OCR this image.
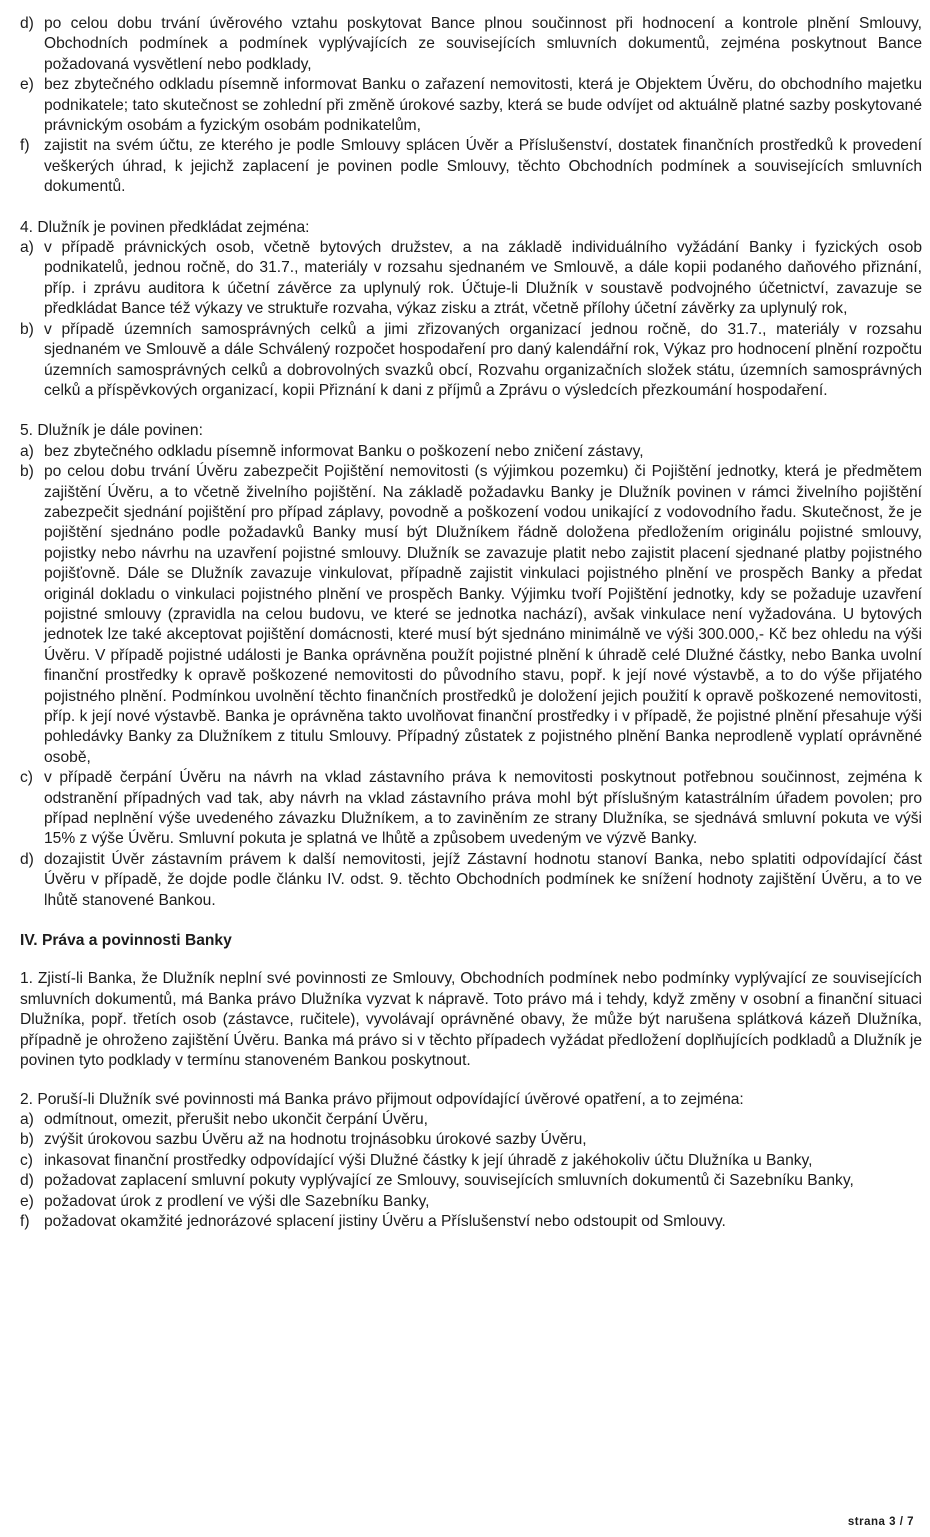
d) po celou dobu trvání úvěrového vztahu poskytovat Bance plnou součinnost při hodnocení a kontrole plnění Smlouvy, Obchodních podmínek a podmínek vyplývajících ze souvisejících smluvních dokumentů, zejména poskytnout Bance požadovaná vysvětlení nebo podklady,
e) bez zbytečného odkladu písemně informovat Banku o zařazení nemovitosti, která je Objektem Úvěru, do obchodního majetku podnikatele; tato skutečnost se zohlední při změně úrokové sazby, která se bude odvíjet od aktuálně platné sazby poskytované právnickým osobám a fyzickým osobám podnikatelům,
f) zajistit na svém účtu, ze kterého je podle Smlouvy splácen Úvěr a Příslušenství, dostatek finančních prostředků k provedení veškerých úhrad, k jejichž zaplacení je povinen podle Smlouvy, těchto Obchodních podmínek a souvisejících smluvních dokumentů.
4. Dlužník je povinen předkládat zejména:
a) v případě právnických osob, včetně bytových družstev, a na základě individuálního vyžádání Banky i fyzických osob podnikatelů, jednou ročně, do 31.7., materiály v rozsahu sjednaném ve Smlouvě, a dále kopii podaného daňového přiznání, příp. i zprávu auditora k účetní závěrce za uplynulý rok. Účtuje-li Dlužník v soustavě podvojného účetnictví, zavazuje se předkládat Bance též výkazy ve struktuře rozvaha, výkaz zisku a ztrát, včetně přílohy účetní závěrky za uplynulý rok,
b) v případě územních samosprávných celků a jimi zřizovaných organizací jednou ročně, do 31.7., materiály v rozsahu sjednaném ve Smlouvě a dále Schválený rozpočet hospodaření pro daný kalendářní rok, Výkaz pro hodnocení plnění rozpočtu územních samosprávných celků a dobrovolných svazků obcí, Rozvahu organizačních složek státu, územních samosprávných celků a příspěvkových organizací, kopii Přiznání k dani z příjmů a Zprávu o výsledcích přezkoumání hospodaření.
5. Dlužník je dále povinen:
a) bez zbytečného odkladu písemně informovat Banku o poškození nebo zničení zástavy,
b) po celou dobu trvání Úvěru zabezpečit Pojištění nemovitosti (s výjimkou pozemku) či Pojištění jednotky, která je předmětem zajištění Úvěru, a to včetně živelního pojištění. Na základě požadavku Banky je Dlužník povinen v rámci živelního pojištění zabezpečit sjednání pojištění pro případ záplavy, povodně a poškození vodou unikající z vodovodního řadu. Skutečnost, že je pojištění sjednáno podle požadavků Banky musí být Dlužníkem řádně doložena předložením originálu pojistné smlouvy, pojistky nebo návrhu na uzavření pojistné smlouvy. Dlužník se zavazuje platit nebo zajistit placení sjednané platby pojistného pojišťovně. Dále se Dlužník zavazuje vinkulovat, případně zajistit vinkulaci pojistného plnění ve prospěch Banky a předat originál dokladu o vinkulaci pojistného plnění ve prospěch Banky. Výjimku tvoří Pojištění jednotky, kdy se požaduje uzavření pojistné smlouvy (zpravidla na celou budovu, ve které se jednotka nachází), avšak vinkulace není vyžadována. U bytových jednotek lze také akceptovat pojištění domácnosti, které musí být sjednáno minimálně ve výši 300.000,- Kč bez ohledu na výši Úvěru. V případě pojistné události je Banka oprávněna použít pojistné plnění k úhradě celé Dlužné částky, nebo Banka uvolní finanční prostředky k opravě poškozené nemovitosti do původního stavu, popř. k její nové výstavbě, a to do výše přijatého pojistného plnění. Podmínkou uvolnění těchto finančních prostředků je doložení jejich použití k opravě poškozené nemovitosti, příp. k její nové výstavbě. Banka je oprávněna takto uvolňovat finanční prostředky i v případě, že pojistné plnění přesahuje výši pohledávky Banky za Dlužníkem z titulu Smlouvy. Případný zůstatek z pojistného plnění Banka neprodleně vyplatí oprávněné osobě,
c) v případě čerpání Úvěru na návrh na vklad zástavního práva k nemovitosti poskytnout potřebnou součinnost, zejména k odstranění případných vad tak, aby návrh na vklad zástavního práva mohl být příslušným katastrálním úřadem povolen; pro případ neplnění výše uvedeného závazku Dlužníkem, a to zaviněním ze strany Dlužníka, se sjednává smluvní pokuta ve výši 15% z výše Úvěru. Smluvní pokuta je splatná ve lhůtě a způsobem uvedeným ve výzvě Banky.
d) dozajistit Úvěr zástavním právem k další nemovitosti, jejíž Zástavní hodnotu stanoví Banka, nebo splatiti odpovídající část Úvěru v případě, že dojde podle článku IV. odst. 9. těchto Obchodních podmínek ke snížení hodnoty zajištění Úvěru, a to ve lhůtě stanovené Bankou.
IV. Práva a povinnosti Banky
1. Zjistí-li Banka, že Dlužník neplní své povinnosti ze Smlouvy, Obchodních podmínek nebo podmínky vyplývající ze souvisejících smluvních dokumentů, má Banka právo Dlužníka vyzvat k nápravě. Toto právo má i tehdy, když změny v osobní a finanční situaci Dlužníka, popř. třetích osob (zástavce, ručitele), vyvolávají oprávněné obavy, že může být narušena splátková kázeň Dlužníka, případně je ohroženo zajištění Úvěru. Banka má právo si v těchto případech vyžádat předložení doplňujících podkladů a Dlužník je povinen tyto podklady v termínu stanoveném Bankou poskytnout.
2. Poruší-li Dlužník své povinnosti má Banka právo přijmout odpovídající úvěrové opatření, a to zejména:
a) odmítnout, omezit, přerušit nebo ukončit čerpání Úvěru,
b) zvýšit úrokovou sazbu Úvěru až na hodnotu trojnásobku úrokové sazby Úvěru,
c) inkasovat finanční prostředky odpovídající výši Dlužné částky k její úhradě z jakéhokoliv účtu Dlužníka u Banky,
d) požadovat zaplacení smluvní pokuty vyplývající ze Smlouvy, souvisejících smluvních dokumentů či Sazebníku Banky,
e) požadovat úrok z prodlení ve výši dle Sazebníku Banky,
f) požadovat okamžité jednorázové splacení jistiny Úvěru a Příslušenství nebo odstoupit od Smlouvy.
strana 3 / 7
